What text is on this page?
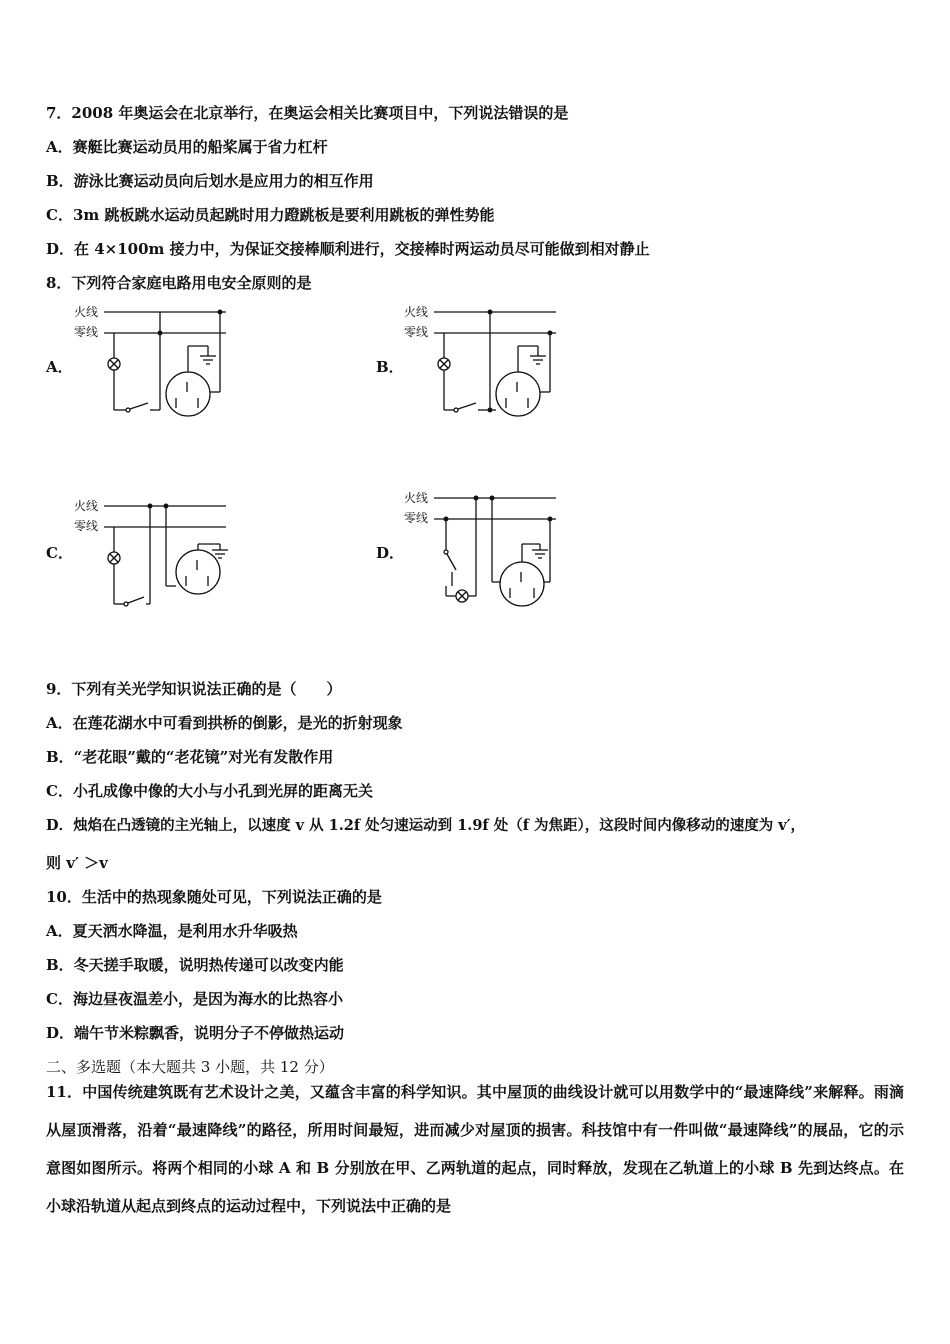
7．2008 年奥运会在北京举行，在奥运会相关比赛项目中，下列说法错误的是
A．赛艇比赛运动员用的船桨属于省力杠杆
B．游泳比赛运动员向后划水是应用力的相互作用
C．3m 跳板跳水运动员起跳时用力蹬跳板是要利用跳板的弹性势能
D．在 4×100m 接力中，为保证交接棒顺利进行，交接棒时两运动员尽可能做到相对静止
8．下列符合家庭电路用电安全原则的是
A．	B．
C．	D．
火线
零线
火线
零线
火线
零线
火线
零线
9．下列有关光学知识说法正确的是（　　）
A．在莲花湖水中可看到拱桥的倒影，是光的折射现象
B．“老花眼”戴的“老花镜”对光有发散作用
C．小孔成像中像的大小与小孔到光屏的距离无关
D．烛焰在凸透镜的主光轴上，以速度 v 从 1.2f 处匀速运动到 1.9f 处（f 为焦距），这段时间内像移动的速度为 v′，
则 v′ ＞v
10．生活中的热现象随处可见，下列说法正确的是
A．夏天洒水降温，是利用水升华吸热
B．冬天搓手取暖，说明热传递可以改变内能
C．海边昼夜温差小，是因为海水的比热容小
D．端午节米粽飘香，说明分子不停做热运动
二、多选题（本大题共 3 小题，共 12 分）
11．中国传统建筑既有艺术设计之美，又蕴含丰富的科学知识。其中屋顶的曲线设计就可以用数学中的“最速降线”来解释。雨滴从屋顶滑落，沿着“最速降线”的路径，所用时间最短，进而减少对屋顶的损害。科技馆中有一件叫做“最速降线”的展品，它的示意图如图所示。将两个相同的小球 A 和 B 分别放在甲、乙两轨道的起点，同时释放，发现在乙轨道上的小球 B 先到达终点。在小球沿轨道从起点到终点的运动过程中，下列说法中正确的是
